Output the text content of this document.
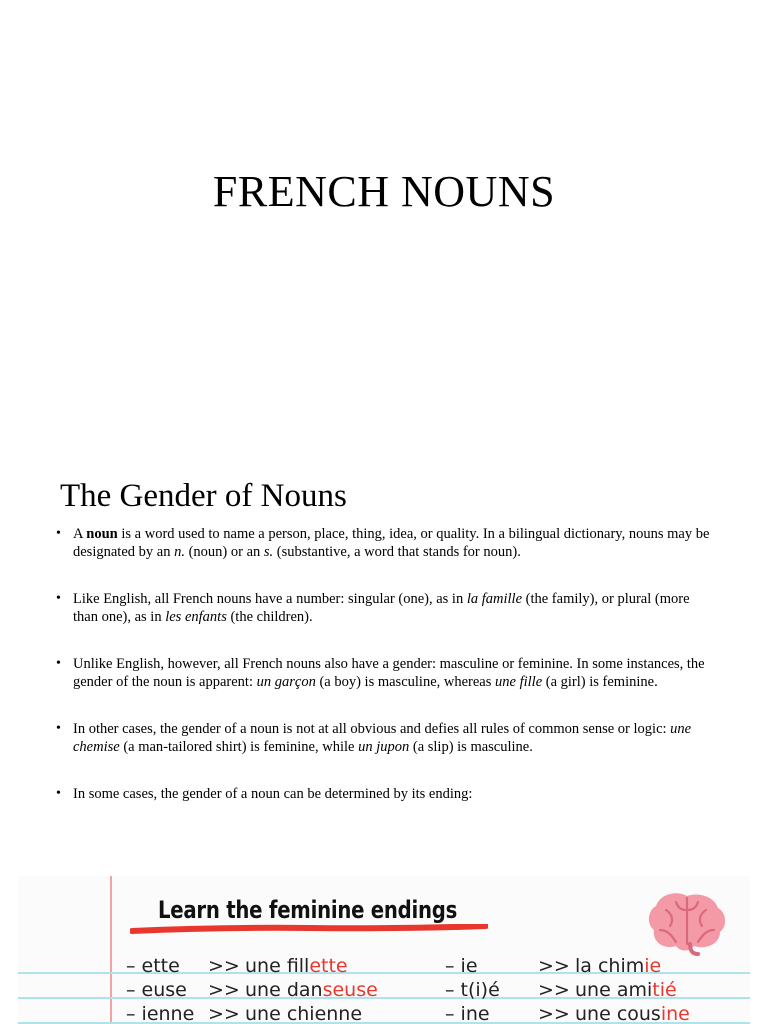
FRENCH NOUNS
The Gender of Nouns
• A noun is a word used to name a person, place, thing, idea, or quality. In a bilingual dictionary, nouns may be designated by an n. (noun) or an s. (substantive, a word that stands for noun).
• Like English, all French nouns have a number: singular (one), as in la famille (the family), or plural (more than one), as in les enfants (the children).
• Unlike English, however, all French nouns also have a gender: masculine or feminine. In some instances, the gender of the noun is apparent: un garçon (a boy) is masculine, whereas une fille (a girl) is feminine.
• In other cases, the gender of a noun is not at all obvious and defies all rules of common sense or logic: une chemise (a man-tailored shirt) is feminine, while un jupon (a slip) is masculine.
• In some cases, the gender of a noun can be determined by its ending:
Learn the feminine endings
– ette >> une fillette	– ie	>> la chimie
– euse >> une danseuse	– t(i)é >> une amitié
– ienne >> une chienne	– ine	>> une cousine
